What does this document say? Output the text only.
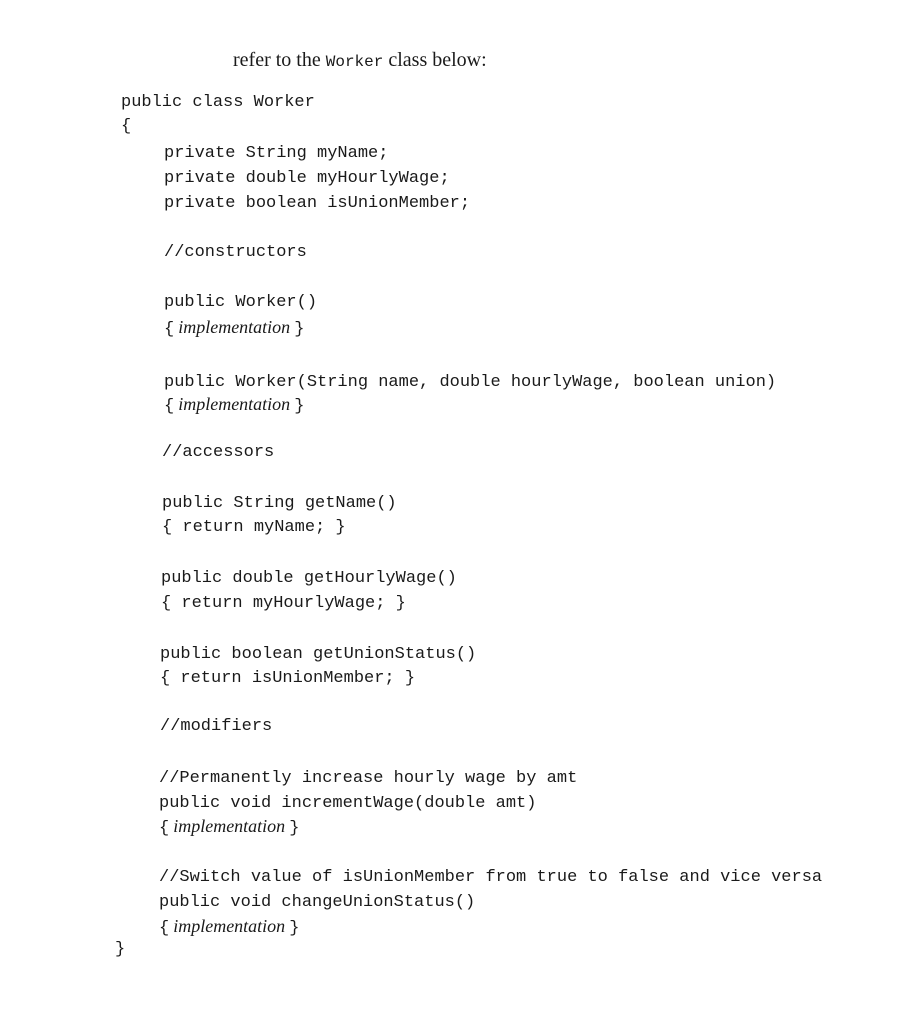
refer to the Worker class below:
public class Worker
{
private String myName;
private double myHourlyWage;
private boolean isUnionMember;
//constructors
public Worker()
{ implementation }
public Worker(String name, double hourlyWage, boolean union)
{ implementation }
//accessors
public String getName()
{ return myName; }
public double getHourlyWage()
{ return myHourlyWage; }
public boolean getUnionStatus()
{ return isUnionMember; }
//modifiers
//Permanently increase hourly wage by amt
public void incrementWage(double amt)
{ implementation }
//Switch value of isUnionMember from true to false and vice versa
public void changeUnionStatus()
{ implementation }
}
